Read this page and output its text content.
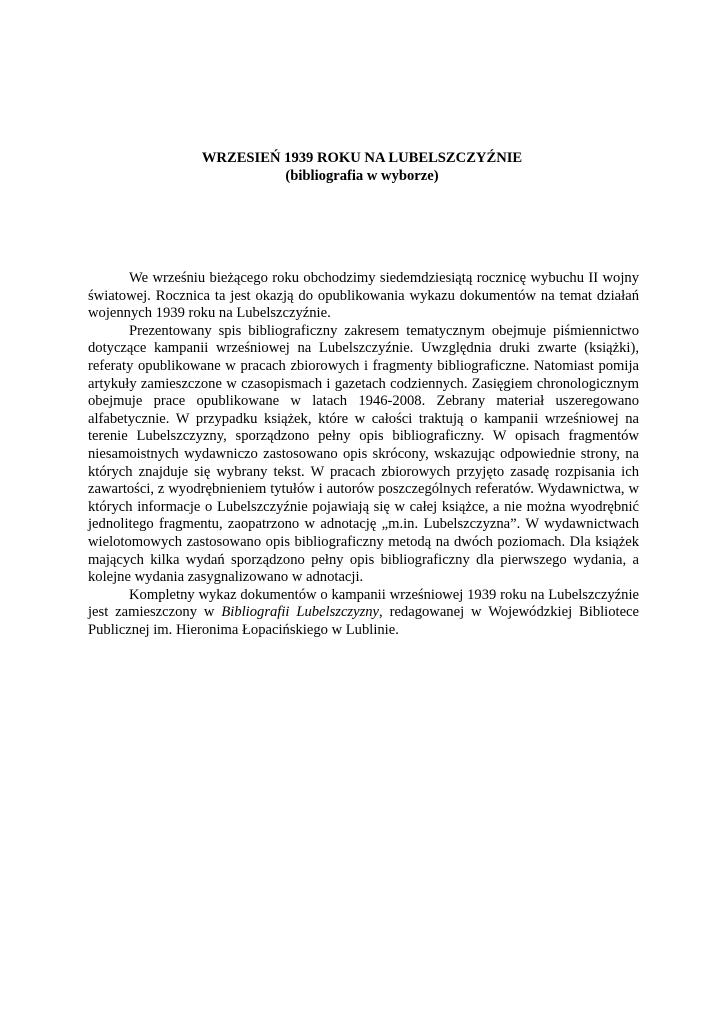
WRZESIEŃ 1939 ROKU NA LUBELSZCZYŹNIE
(bibliografia w wyborze)

We wrześniu bieżącego roku obchodzimy siedemdziesiątą rocznicę wybuchu II wojny światowej. Rocznica ta jest okazją do opublikowania wykazu dokumentów na temat działań wojennych 1939 roku na Lubelszczyźnie.

Prezentowany spis bibliograficzny zakresem tematycznym obejmuje piśmiennictwo dotyczące kampanii wrześniowej na Lubelszczyźnie. Uwzględnia druki zwarte (książki), referaty opublikowane w pracach zbiorowych i fragmenty bibliograficzne. Natomiast pomija artykuły zamieszczone w czasopismach i gazetach codziennych. Zasięgiem chronologicznym obejmuje prace opublikowane w latach 1946-2008. Zebrany materiał uszeregowano alfabetycznie. W przypadku książek, które w całości traktują o kampanii wrześniowej na terenie Lubelszczyzny, sporządzono pełny opis bibliograficzny. W opisach fragmentów niesamoistnych wydawniczo zastosowano opis skrócony, wskazując odpowiednie strony, na których znajduje się wybrany tekst. W pracach zbiorowych przyjęto zasadę rozpisania ich zawartości, z wyodrębnieniem tytułów i autorów poszczególnych referatów. Wydawnictwa, w których informacje o Lubelszczyźnie pojawiają się w całej książce, a nie można wyodrębnić jednolitego fragmentu, zaopatrzono w adnotację „m.in. Lubelszczyzna”. W wydawnictwach wielotomowych zastosowano opis bibliograficzny metodą na dwóch poziomach. Dla książek mających kilka wydań sporządzono pełny opis bibliograficzny dla pierwszego wydania, a kolejne wydania zasygnalizowano w adnotacji.

Kompletny wykaz dokumentów o kampanii wrześniowej 1939 roku na Lubelszczyźnie jest zamieszczony w Bibliografii Lubelszczyzny, redagowanej w Wojewódzkiej Bibliotece Publicznej im. Hieronima Łopacińskiego w Lublinie.
